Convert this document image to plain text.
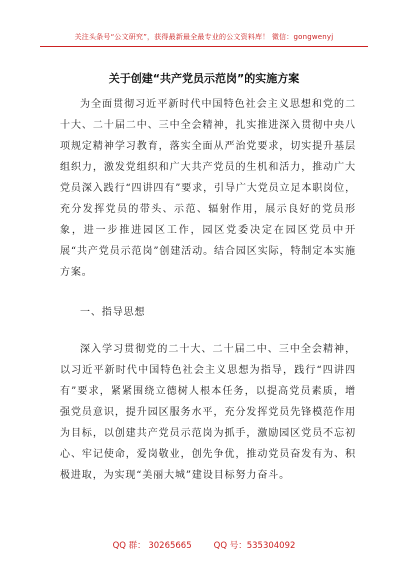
关注头条号“公文研究”，获得最新最全最专业的公文资料库！ 微信：gongwenyj
关于创建“共产党员示范岗”的实施方案

为全面贯彻习近平新时代中国特色社会主义思想和党的二十大、二十届二中、三中全会精神，扎实推进深入贯彻中央八项规定精神学习教育，落实全面从严治党要求，切实提升基层组织力，激发党组织和广大共产党员的生机和活力，推动广大党员深入践行“四讲四有”要求，引导广大党员立足本职岗位，充分发挥党员的带头、示范、辐射作用，展示良好的党员形象，进一步推进园区工作，园区党委决定在园区党员中开展“共产党员示范岗”创建活动。结合园区实际，特制定本实施方案。

一、指导思想

深入学习贯彻党的二十大、二十届二中、三中全会精神，以习近平新时代中国特色社会主义思想为指导，践行“四讲四有”要求，紧紧围绕立德树人根本任务，以提高党员素质，增强党员意识，提升园区服务水平，充分发挥党员先锋模范作用为目标，以创建共产党员示范岗为抓手，激励园区党员不忘初心、牢记使命，爱岗敬业，创先争优，推动党员奋发有为、积极进取，为实现“美丽大城”建设目标努力奋斗。

QQ 群： 30265665	QQ 号：535304092
